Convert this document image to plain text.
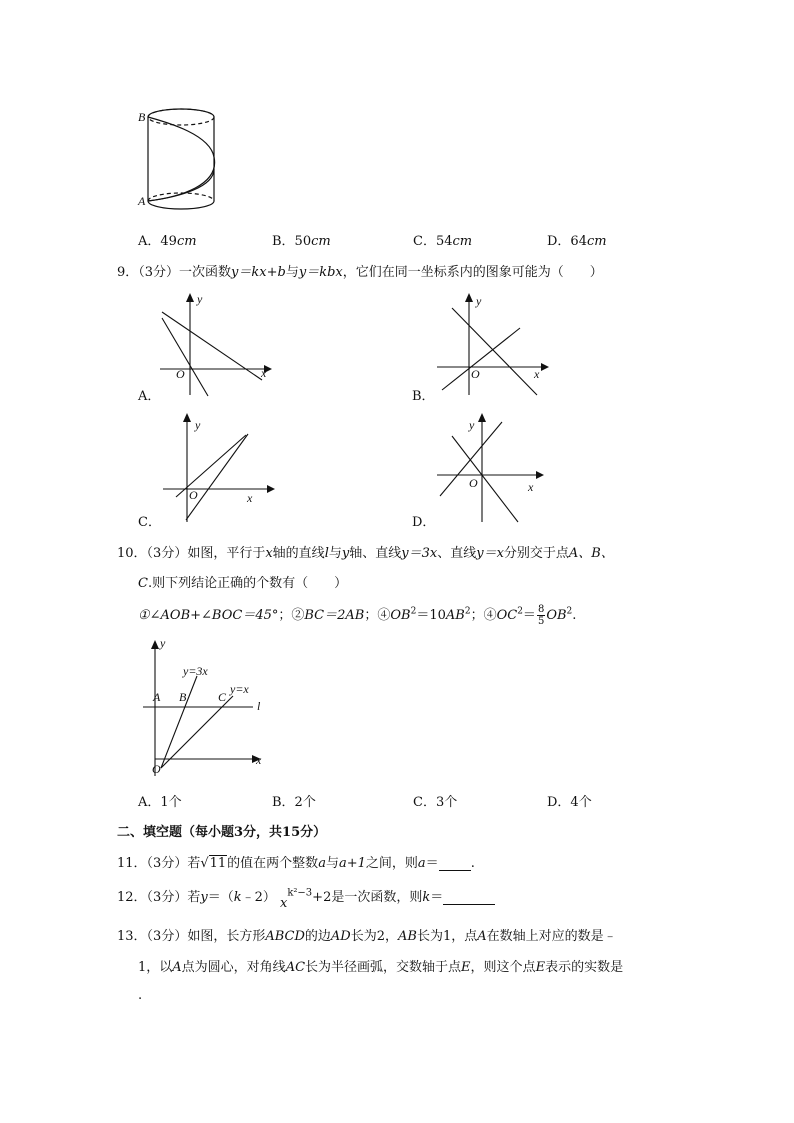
B
A
A．49cm	B．50cm	C．54cm	D．64cm
9．（3分）一次函数y＝kx+b与y＝kbx，它们在同一坐标系内的图象可能为（　　）
y
x
O
A．
y
x
O
B．
y
x
O
C．
y
x
O
D．
10．（3分）如图，平行于x轴的直线l与y轴、直线y＝3x、直线y＝x分别交于点A、B、
C.则下列结论正确的个数有（　　）
①∠AOB+∠BOC＝45°；②BC＝2AB；$④OB^2=10AB^2$；$④OC^2= \frac{8}{5} OB^2$.
y
y=3x
y=x
A B	C
l
x
O
A．1个	B．2个	C．3个	D．4个
二、填空题（每小题3分，共15分）
11．（3分）若√11的值在两个整数a与a+1之间，则a＝ .
12．（3分）若y＝（k﹣2） $x^{k^2-3}+2$是一次函数，则k＝
13．（3分）如图，长方形ABCD的边AD长为2，AB长为1，点A在数轴上对应的数是﹣
1，以A点为圆心，对角线AC长为半径画弧，交数轴于点E，则这个点E表示的实数是
.
